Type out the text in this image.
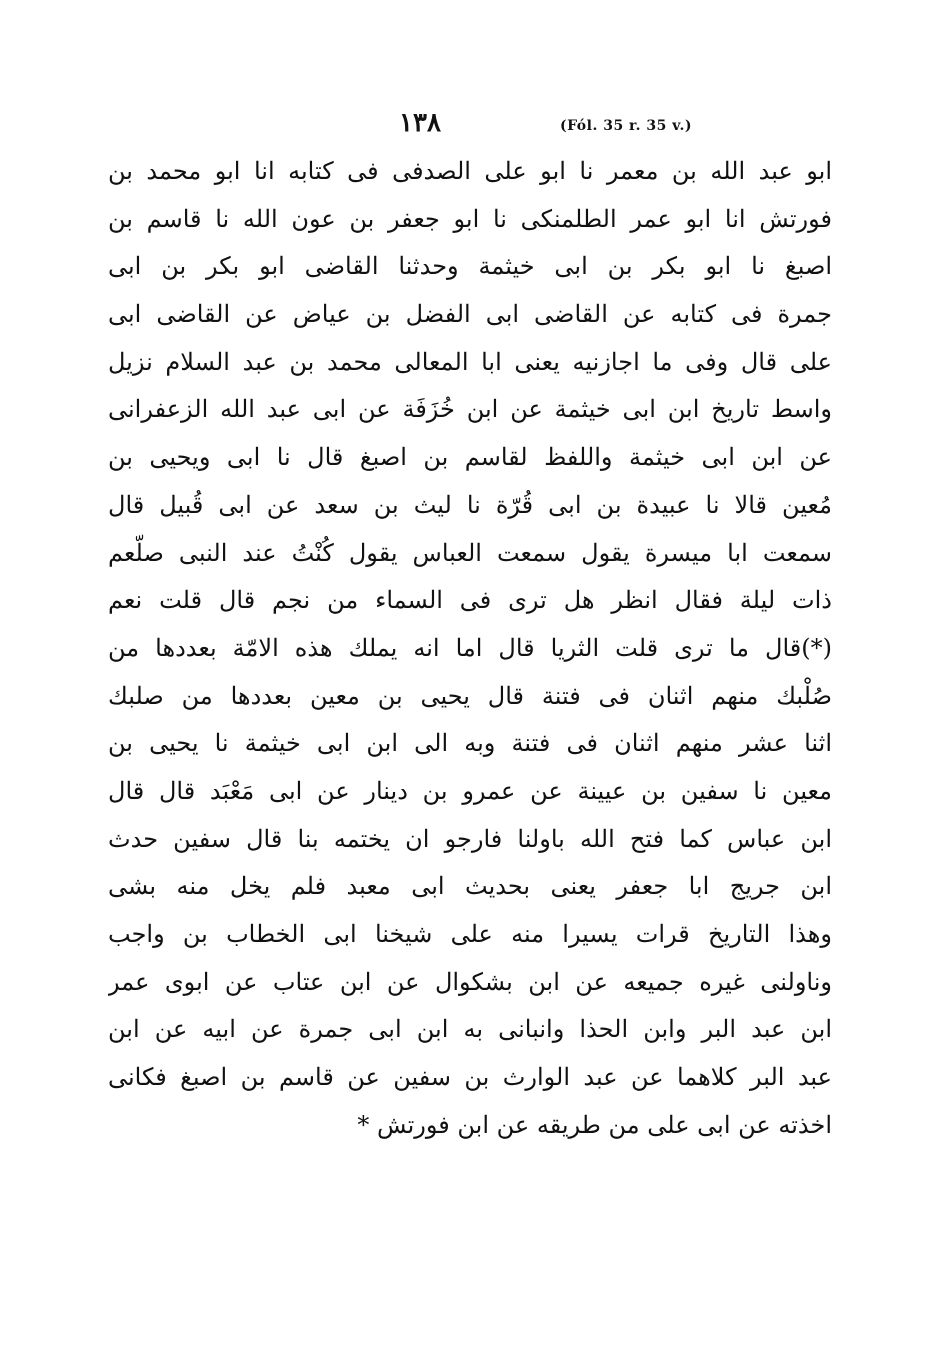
١٣٨	(Fól. 35 r. 35 v.)
ابو عبد الله بن معمر نا ابو على الصدفى فى كتابه انا ابو محمد بن
فورتش انا ابو عمر الطلمنكى نا ابو جعفر بن عون الله نا قاسم بن
اصبغ نا ابو بكر بن ابى خيثمة وحدثنا القاضى ابو بكر بن ابى
جمرة فى كتابه عن القاضى ابى الفضل بن عياض عن القاضى ابى
على قال وفى ما اجازنيه يعنى ابا المعالى محمد بن عبد السلام نزيل
واسط تاريخ ابن ابى خيثمة عن ابن خُزَفَة عن ابى عبد الله الزعفرانى
عن ابن ابى خيثمة واللفظ لقاسم بن اصبغ قال نا ابى ويحيى بن
مُعين قالا نا عبيدة بن ابى قُرّة نا ليث بن سعد عن ابى قُبيل قال
سمعت ابا ميسرة يقول سمعت العباس يقول كُنْتُ عند النبى صلّعم
ذات ليلة فقال انظر هل ترى فى السماء من نجم قال قلت نعم
(*)قال ما ترى قلت الثريا قال اما انه يملك هذه الامّة بعددها من
صُلْبك منهم اثنان فى فتنة قال يحيى بن معين بعددها من صلبك
اثنا عشر منهم اثنان فى فتنة وبه الى ابن ابى خيثمة نا يحيى بن
معين نا سفين بن عيينة عن عمرو بن دينار عن ابى مَعْبَد قال قال
ابن عباس كما فتح الله باولنا فارجو ان يختمه بنا قال سفين حدث
ابن جريج ابا جعفر يعنى بحديث ابى معبد فلم يخل منه بشى
وهذا التاريخ قرات يسيرا منه على شيخنا ابى الخطاب بن واجب
وناولنى غيره جميعه عن ابن بشكوال عن ابن عتاب عن ابوى عمر
ابن عبد البر وابن الحذا وانبانى به ابن ابى جمرة عن ابيه عن ابن
عبد البر كلاهما عن عبد الوارث بن سفين عن قاسم بن اصبغ فكانى
اخذته عن ابى على من طريقه عن ابن فورتش *
